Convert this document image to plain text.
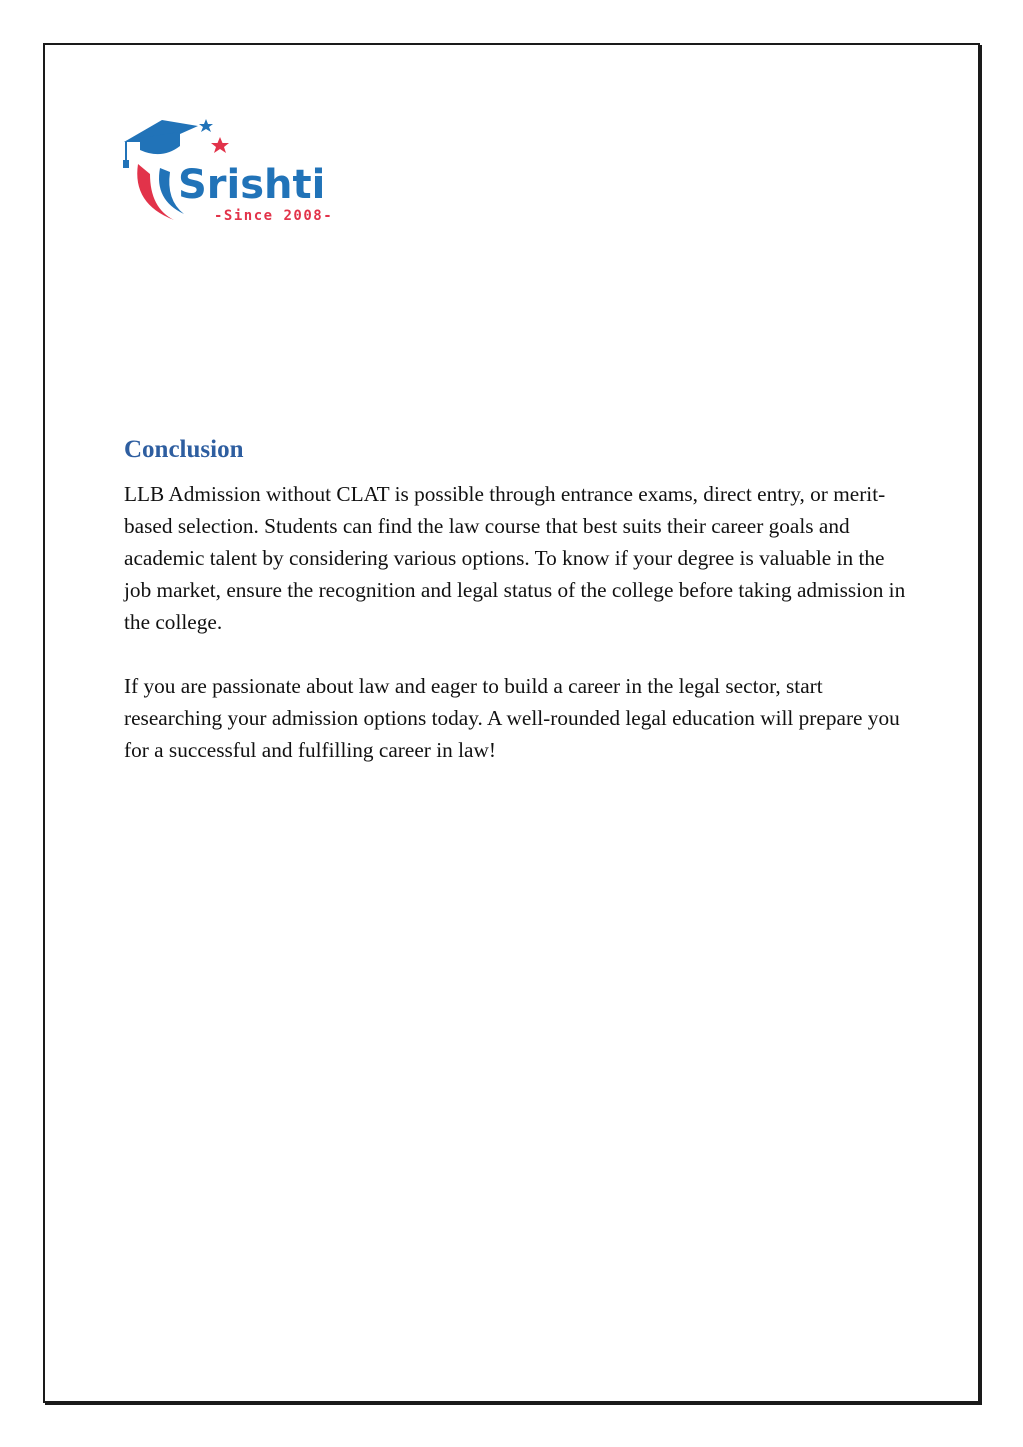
Srishti
-Since 2008-
Conclusion

LLB Admission without CLAT is possible through entrance exams, direct entry, or merit-based selection. Students can find the law course that best suits their career goals and academic talent by considering various options. To know if your degree is valuable in the job market, ensure the recognition and legal status of the college before taking admission in the college.

If you are passionate about law and eager to build a career in the legal sector, start researching your admission options today. A well-rounded legal education will prepare you for a successful and fulfilling career in law!
